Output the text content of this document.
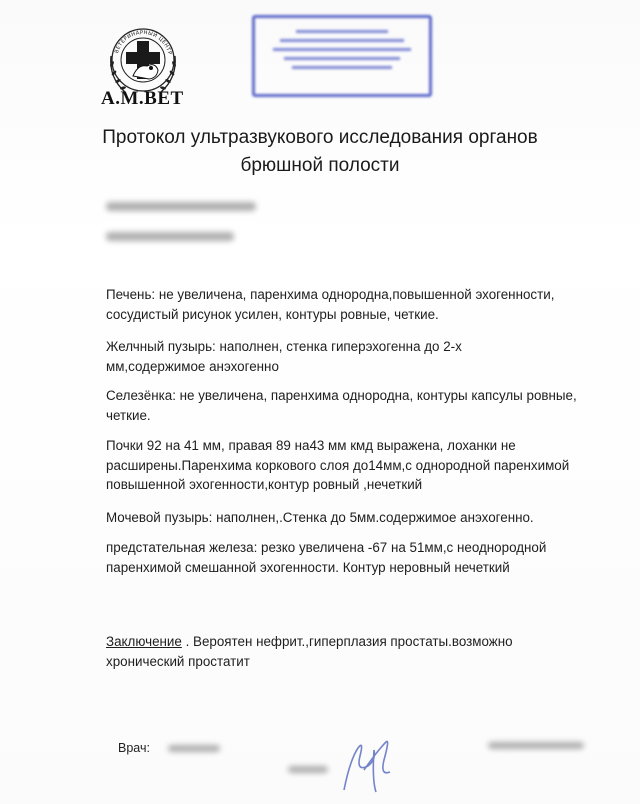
ВЕТЕРИНАРНЫЙ ЦЕНТР
А.М.ВЕТ
Протокол ультразвукового исследования органов
брюшной полости
Печень: не увеличена, паренхима однородна,повышенной эхогенности, сосудистый рисунок усилен, контуры ровные, четкие.
Желчный пузырь: наполнен, стенка гиперэхогенна до 2-х мм,содержимое анэхогенно
Селезёнка: не увеличена, паренхима однородна, контуры капсулы ровные, четкие.
Почки 92 на 41 мм, правая 89 на43 мм кмд выражена, лоханки не расширены.Паренхима коркового слоя до14мм,с однородной паренхимой повышенной эхогенности,контур ровный ,нечеткий
Мочевой пузырь: наполнен,.Стенка до 5мм.содержимое анэхогенно.
предстательная железа: резко увеличена -67 на 51мм,с неоднородной паренхимой смешанной эхогенности. Контур неровный нечеткий
Заключение . Вероятен нефрит.,гиперплазия простаты.возможно хронический простатит
Врач:
